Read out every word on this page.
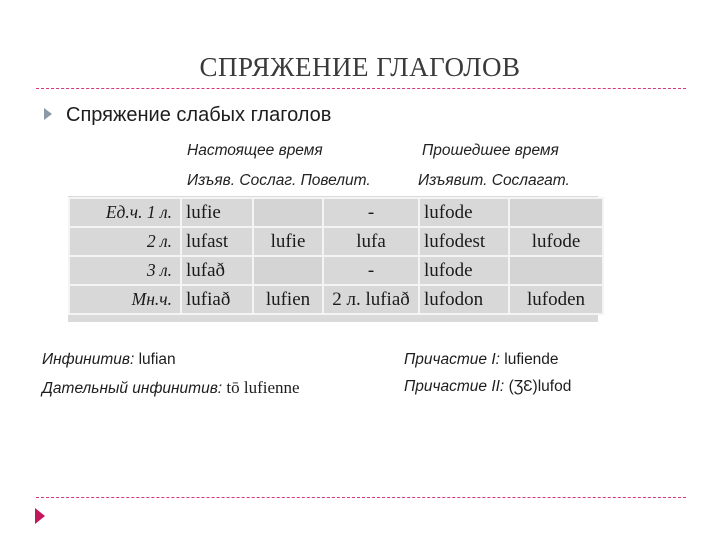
СПРЯЖЕНИЕ ГЛАГОЛОВ
Спряжение слабых глаголов
Настоящее время	Прошедшее время
Изъяв. Сослаг. Повелит.	Изъявит. Сослагат.
Ед.ч. 1 л.	lufie		-	lufode	
2 л.	lufast	lufie	lufa	lufodest	lufode
3 л.	lufað		-	lufode	
Мн.ч.	lufiað	lufien	2 л. lufiað	lufodon	lufoden
Инфинитив: lufian
Дательный инфинитив: tō lufienne
Причастие I: lufiende
Причастие II: (ƷƐ)lufod
